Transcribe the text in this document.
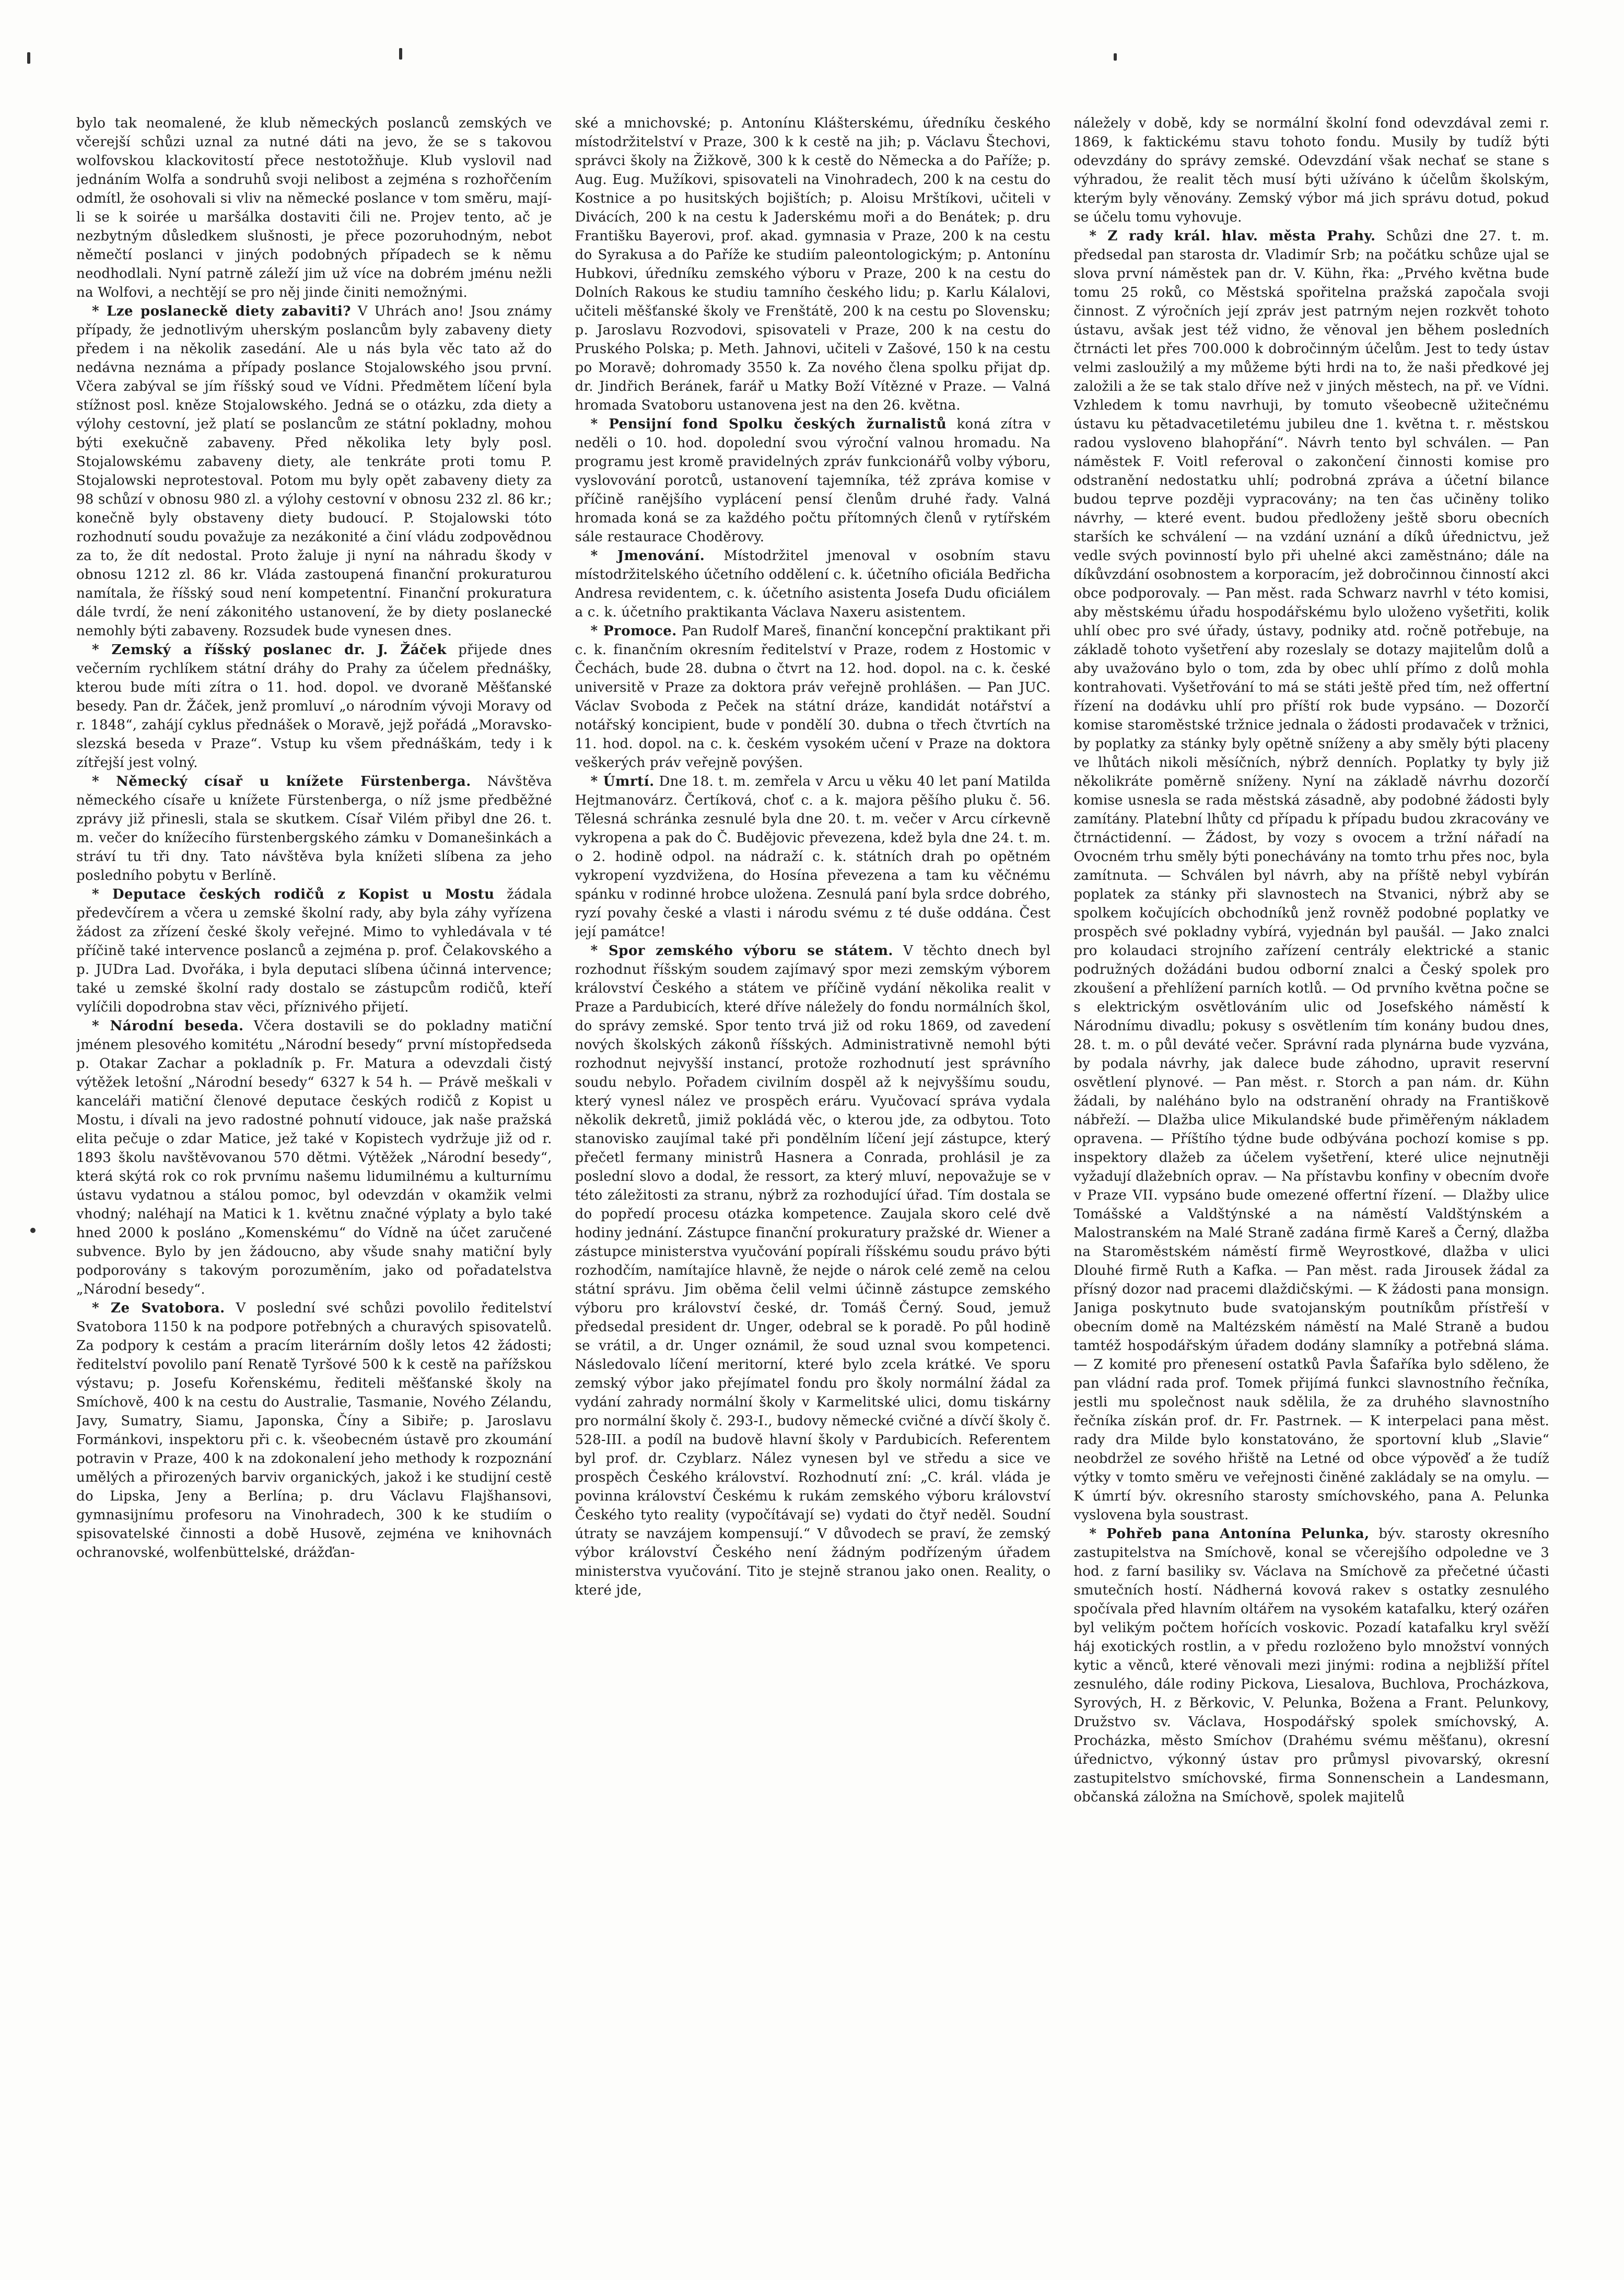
bylo tak neomalené, že klub německých poslanců zemských ve včerejší schůzi uznal za nutné dáti na jevo, že se s takovou wolfovskou klackovitostí přece nestotožňuje. Klub vyslovil nad jednáním Wolfa a sondruhů svoji nelibost a zejména s rozhořčením odmítl, že osohovali si vliv na německé poslance v tom směru, mají-li se k soirée u maršálka dostaviti čili ne. Projev tento, ač je nezbytným důsledkem slušnosti, je přece pozoruhodným, nebot němečtí poslanci v jiných podobných případech se k němu neodhodlali. Nyní patrně záleží jim už více na dobrém jménu nežli na Wolfovi, a nechtějí se pro něj jinde činiti nemožnými.

* Lze poslaneckě diety zabaviti? V Uhrách ano! Jsou známy případy, že jednotlivým uherským poslancům byly zabaveny diety předem i na několik zasedání. Ale u nás byla věc tato až do nedávna neznáma a případy poslance Stojalowského jsou první. Včera zabýval se jím říšský soud ve Vídni. Předmětem líčení byla stížnost posl. kněze Stojalowského. Jedná se o otázku, zda diety a výlohy cestovní, jež platí se poslancům ze státní pokladny, mohou býti exekučně zabaveny. Před několika lety byly posl. Stojalowskému zabaveny diety, ale tenkráte proti tomu P. Stojalowski neprotestoval. Potom mu byly opět zabaveny diety za 98 schůzí v obnosu 980 zl. a výlohy cestovní v obnosu 232 zl. 86 kr.; konečně byly obstaveny diety budoucí. P. Stojalowski tóto rozhodnutí soudu považuje za nezákonité a činí vládu zodpovědnou za to, že dít nedostal. Proto žaluje ji nyní na náhradu škody v obnosu 1212 zl. 86 kr. Vláda zastoupená finanční prokuraturou namítala, že říšský soud není kompetentní. Finanční prokuratura dále tvrdí, že není zákonitého ustanovení, že by diety poslanecké nemohly býti zabaveny. Rozsudek bude vynesen dnes.

* Zemský a říšský poslanec dr. J. Žáček přijede dnes večerním rychlíkem státní dráhy do Prahy za účelem přednášky, kterou bude míti zítra o 11. hod. dopol. ve dvoraně Měšťanské besedy. Pan dr. Žáček, jenž promluví „o národním vývoji Moravy od r. 1848“, zahájí cyklus přednášek o Moravě, jejž pořádá „Moravsko-slezská beseda v Praze“. Vstup ku všem přednáškám, tedy i k zítřejší jest volný.

* Německý císař u knížete Fürstenberga. Návštěva německého císaře u knížete Fürstenberga, o níž jsme předběžné zprávy již přinesli, stala se skutkem. Císař Vilém přibyl dne 26. t. m. večer do knížecího fürstenbergského zámku v Domanešinkách a stráví tu tři dny. Tato návštěva byla knížeti slíbena za jeho posledního pobytu v Berlíně.

* Deputace českých rodičů z Kopist u Mostu žádala předevčírem a včera u zemské školní rady, aby byla záhy vyřízena žádost za zřízení české školy veřejné. Mimo to vyhledávala v té příčině také intervence poslanců a zejména p. prof. Čelakovského a p. JUDra Lad. Dvořáka, i byla deputaci slíbena účinná intervence; také u zemské školní rady dostalo se zástupcům rodičů, kteří vylíčili dopodrobna stav věci, příznivého přijetí.

* Národní beseda. Včera dostavili se do pokladny matiční jménem plesového komitétu „Národní besedy“ první místopředseda p. Otakar Zachar a pokladník p. Fr. Matura a odevzdali čistý výtěžek letošní „Národní besedy“ 6327 k 54 h. — Právě meškali v kanceláři matiční členové deputace českých rodičů z Kopist u Mostu, i dívali na jevo radostné pohnutí vidouce, jak naše pražská elita pečuje o zdar Matice, jež také v Kopistech vydržuje již od r. 1893 školu navštěvovanou 570 dětmi. Výtěžek „Národní besedy“, která skýtá rok co rok prvnímu našemu lidumilnému a kulturnímu ústavu vydatnou a stálou pomoc, byl odevzdán v okamžik velmi vhodný; naléhají na Matici k 1. květnu značné výplaty a bylo také hned 2000 k posláno „Komenskému“ do Vídně na účet zaručené subvence. Bylo by jen žádoucno, aby všude snahy matiční byly podporovány s takovým porozuměním, jako od pořadatelstva „Národní besedy“.

* Ze Svatobora. V poslední své schůzi povolilo ředitelství Svatobora 1150 k na podpore potřebných a churavých spisovatelů. Za podpory k cestám a pracím literárním došly letos 42 žádosti; ředitelství povolilo paní Renatě Tyršové 500 k k cestě na pařížskou výstavu; p. Josefu Kořenskému, řediteli měšťanské školy na Smíchově, 400 k na cestu do Australie, Tasmanie, Nového Zélandu, Javy, Sumatry, Siamu, Japonska, Číny a Sibiře; p. Jaroslavu Formánkovi, inspektoru při c. k. všeobecném ústavě pro zkoumání potravin v Praze, 400 k na zdokonalení jeho methody k rozpoznání umělých a přirozených barviv organických, jakož i ke studijní cestě do Lipska, Jeny a Berlína; p. dru Václavu Flajšhansovi, gymnasijnímu profesoru na Vinohradech, 300 k ke studiím o spisovatelské činnosti a době Husově, zejména ve knihovnách ochranovské, wolfenbüttelské, drážďan-

ské a mnichovské; p. Antonínu Klášterskému, úředníku českého místodržitelství v Praze, 300 k k cestě na jih; p. Václavu Štechovi, správci školy na Žižkově, 300 k k cestě do Německa a do Paříže; p. Aug. Eug. Mužíkovi, spisovateli na Vinohradech, 200 k na cestu do Kostnice a po husitských bojištích; p. Aloisu Mrštíkovi, učiteli v Divácích, 200 k na cestu k Jaderskému moři a do Benátek; p. dru Františku Bayerovi, prof. akad. gymnasia v Praze, 200 k na cestu do Syrakusa a do Paříže ke studiím paleontologickým; p. Antonínu Hubkovi, úředníku zemského výboru v Praze, 200 k na cestu do Dolních Rakous ke studiu tamního českého lidu; p. Karlu Kálalovi, učiteli měšťanské školy ve Frenštátě, 200 k na cestu po Slovensku; p. Jaroslavu Rozvodovi, spisovateli v Praze, 200 k na cestu do Pruského Polska; p. Meth. Jahnovi, učiteli v Zašové, 150 k na cestu po Moravě; dohromady 3550 k. Za nového člena spolku přijat dp. dr. Jindřich Beránek, farář u Matky Boží Vítězné v Praze. — Valná hromada Svatoboru ustanovena jest na den 26. května.

* Pensijní fond Spolku českých žurnalistů koná zítra v neděli o 10. hod. dopolední svou výroční valnou hromadu. Na programu jest kromě pravidelných zpráv funkcionářů volby výboru, vyslovování porotců, ustanovení tajemníka, též zpráva komise v příčině ranějšího vyplácení pensí členům druhé řady. Valná hromada koná se za každého počtu přítomných členů v rytířském sále restaurace Choděrovy.

* Jmenování. Místodržitel jmenoval v osobním stavu místodržitelského účetního oddělení c. k. účetního oficiála Bedřicha Andresa revidentem, c. k. účetního asistenta Josefa Dudu oficiálem a c. k. účetního praktikanta Václava Naxeru asistentem.

* Promoce. Pan Rudolf Mareš, finanční koncepční praktikant při c. k. finančním okresním ředitelství v Praze, rodem z Hostomic v Čechách, bude 28. dubna o čtvrt na 12. hod. dopol. na c. k. české universitě v Praze za doktora práv veřejně prohlášen. — Pan JUC. Václav Svoboda z Peček na státní dráze, kandidát notářství a notářský koncipient, bude v pondělí 30. dubna o třech čtvrtích na 11. hod. dopol. na c. k. českém vysokém učení v Praze na doktora veškerých práv veřejně povýšen.

* Úmrtí. Dne 18. t. m. zemřela v Arcu u věku 40 let paní Matilda Hejtmanovárz. Čertíková, choť c. a k. majora pěšího pluku č. 56. Tělesná schránka zesnulé byla dne 20. t. m. večer v Arcu církevně vykropena a pak do Č. Budějovic převezena, kdež byla dne 24. t. m. o 2. hodině odpol. na nádraží c. k. státních drah po opětném vykropení vyzdvižena, do Hosína převezena a tam ku věčnému spánku v rodinné hrobce uložena. Zesnulá paní byla srdce dobrého, ryzí povahy české a vlasti i národu svému z té duše oddána. Čest její památce!

* Spor zemského výboru se státem. V těchto dnech byl rozhodnut říšským soudem zajímavý spor mezi zemským výborem království Českého a státem ve příčině vydání několika realit v Praze a Pardubicích, které dříve náležely do fondu normálních škol, do správy zemské. Spor tento trvá již od roku 1869, od zavedení nových školských zákonů říšských. Administrativně nemohl býti rozhodnut nejvyšší instancí, protože rozhodnutí jest správního soudu nebylo. Pořadem civilním dospěl až k nejvyššímu soudu, který vynesl nález ve prospěch eráru. Vyučovací správa vydala několik dekretů, jimiž pokládá věc, o kterou jde, za odbytou. Toto stanovisko zaujímal také při pondělním líčení její zástupce, který přečetl fermany ministrů Hasnera a Conrada, prohlásil je za poslední slovo a dodal, že ressort, za který mluví, nepovažuje se v této záležitosti za stranu, nýbrž za rozhodující úřad. Tím dostala se do popředí procesu otázka kompetence. Zaujala skoro celé dvě hodiny jednání. Zástupce finanční prokuratury pražské dr. Wiener a zástupce ministerstva vyučování popírali říšskému soudu právo býti rozhodčím, namítajíce hlavně, že nejde o nárok celé země na celou státní správu. Jim oběma čelil velmi účinně zástupce zemského výboru pro království české, dr. Tomáš Černý. Soud, jemuž předsedal president dr. Unger, odebral se k poradě. Po půl hodině se vrátil, a dr. Unger oznámil, že soud uznal svou kompetenci. Následovalo líčení meritorní, které bylo zcela krátké. Ve sporu zemský výbor jako přejímatel fondu pro školy normální žádal za vydání zahrady normální školy v Karmelitské ulici, domu tiskárny pro normální školy č. 293-I., budovy německé cvičné a dívčí školy č. 528-III. a podíl na budově hlavní školy v Pardubicích. Referentem byl prof. dr. Czyblarz. Nález vynesen byl ve středu a sice ve prospěch Českého království. Rozhodnutí zní: „C. král. vláda je povinna království Českému k rukám zemského výboru království Českého tyto reality (vypočítávají se) vydati do čtyř neděl. Soudní útraty se navzájem kompensují.“ V důvodech se praví, že zemský výbor království Českého není žádným podřízeným úřadem ministerstva vyučování. Tito je stejně stranou jako onen. Reality, o které jde,

náležely v době, kdy se normální školní fond odevzdával zemi r. 1869, k faktickému stavu tohoto fondu. Musily by tudíž býti odevzdány do správy zemské. Odevzdání však nechať se stane s výhradou, že realit těch musí býti užíváno k účelům školským, kterým byly věnovány. Zemský výbor má jich správu dotud, pokud se účelu tomu vyhovuje.

* Z rady král. hlav. města Prahy. Schůzi dne 27. t. m. předsedal pan starosta dr. Vladimír Srb; na počátku schůze ujal se slova první náměstek pan dr. V. Kühn, řka: „Prvého května bude tomu 25 roků, co Městská spořitelna pražská započala svoji činnost. Z výročních její zpráv jest patrným nejen rozkvět tohoto ústavu, avšak jest též vidno, že věnoval jen během posledních čtrnácti let přes 700.000 k dobročinným účelům. Jest to tedy ústav velmi zasloužilý a my můžeme býti hrdi na to, že naši předkové jej založili a že se tak stalo dříve než v jiných městech, na př. ve Vídni. Vzhledem k tomu navrhuji, by tomuto všeobecně užitečnému ústavu ku pětadvacetiletému jubileu dne 1. května t. r. městskou radou vysloveno blahopřání“. Návrh tento byl schválen. — Pan náměstek F. Voitl referoval o zakončení činnosti komise pro odstranění nedostatku uhlí; podrobná zpráva a účetní bilance budou teprve později vypracovány; na ten čas učiněny toliko návrhy, — které event. budou předloženy ještě sboru obecních starších ke schválení — na vzdání uznání a díků úřednictvu, jež vedle svých povinností bylo při uhelné akci zaměstnáno; dále na díkůvzdání osobnostem a korporacím, jež dobročinnou činností akci obce podporovaly. — Pan měst. rada Schwarz navrhl v této komisi, aby městskému úřadu hospodářskému bylo uloženo vyšetřiti, kolik uhlí obec pro své úřady, ústavy, podniky atd. ročně potřebuje, na základě tohoto vyšetření aby rozeslaly se dotazy majitelům dolů a aby uvažováno bylo o tom, zda by obec uhlí přímo z dolů mohla kontrahovati. Vyšetřování to má se státi ještě před tím, než offertní řízení na dodávku uhlí pro příští rok bude vypsáno. — Dozorčí komise staroměstské tržnice jednala o žádosti prodavaček v tržnici, by poplatky za stánky byly opětně sníženy a aby směly býti placeny ve lhůtách nikoli měsíčních, nýbrž denních. Poplatky ty byly již několikráte poměrně sníženy. Nyní na základě návrhu dozorčí komise usnesla se rada městská zásadně, aby podobné žádosti byly zamítány. Platební lhůty cd případu k případu budou zkracovány ve čtrnáctidenní. — Žádost, by vozy s ovocem a tržní nářadí na Ovocném trhu směly býti ponechávány na tomto trhu přes noc, byla zamítnuta. — Schválen byl návrh, aby na příště nebyl vybírán poplatek za stánky při slavnostech na Stvanici, nýbrž aby se spolkem kočujících obchodníků jenž rovněž podobné poplatky ve prospěch své pokladny vybírá, vyjednán byl paušál. — Jako znalci pro kolaudaci strojního zařízení centrály elektrické a stanic podružných dožádáni budou odborní znalci a Český spolek pro zkoušení a přehlížení parních kotlů. — Od prvního května počne se s elektrickým osvětlováním ulic od Josefského náměstí k Národnímu divadlu; pokusy s osvětlením tím konány budou dnes, 28. t. m. o půl deváté večer. Správní rada plynárna bude vyzvána, by podala návrhy, jak dalece bude záhodno, upravit reservní osvětlení plynové. — Pan měst. r. Storch a pan nám. dr. Kühn žádali, by naléháno bylo na odstranění ohrady na Františkově nábřeží. — Dlažba ulice Mikulandské bude přiměřeným nákladem opravena. — Příštího týdne bude odbývána pochozí komise s pp. inspektory dlažeb za účelem vyšetření, které ulice nejnutněji vyžadují dlažebních oprav. — Na přístavbu konfiny v obecním dvoře v Praze VII. vypsáno bude omezené offertní řízení. — Dlažby ulice Tomášské a Valdštýnské a na náměstí Valdštýnském a Malostranském na Malé Straně zadána firmě Kareš a Černý, dlažba na Staroměstském náměstí firmě Weyrostkové, dlažba v ulici Dlouhé firmě Ruth a Kafka. — Pan měst. rada Jirousek žádal za přísný dozor nad pracemi dlaždičskými. — K žádosti pana monsign. Janiga poskytnuto bude svatojanským poutníkům přístřeší v obecním domě na Maltézském náměstí na Malé Straně a budou tamtéž hospodářským úřadem dodány slamníky a potřebná sláma. — Z komité pro přenesení ostatků Pavla Šafaříka bylo sděleno, že pan vládní rada prof. Tomek přijímá funkci slavnostního řečníka, jestli mu společnost nauk sdělila, že za druhého slavnostního řečníka získán prof. dr. Fr. Pastrnek. — K interpelaci pana měst. rady dra Milde bylo konstatováno, že sportovní klub „Slavie“ neobdržel ze sového hřiště na Letné od obce výpověď a že tudíž výtky v tomto směru ve veřejnosti činěné zakládaly se na omylu. — K úmrtí býv. okresního starosty smíchovského, pana A. Pelunka vyslovena byla soustrast.

* Pohřeb pana Antonína Pelunka, býv. starosty okresního zastupitelstva na Smíchově, konal se včerejšího odpoledne ve 3 hod. z farní basiliky sv. Václava na Smíchově za přečetné účasti smutečních hostí. Nádherná kovová rakev s ostatky zesnulého spočívala před hlavním oltářem na vysokém katafalku, který ozářen byl velikým počtem hořících voskovic. Pozadí katafalku kryl svěží háj exotických rostlin, a v předu rozloženo bylo množství vonných kytic a věnců, které věnovali mezi jinými: rodina a nejbližší přítel zesnulého, dále rodiny Pickova, Liesalova, Buchlova, Procházkova, Syrových, H. z Běrkovic, V. Pelunka, Božena a Frant. Pelunkovy, Družstvo sv. Václava, Hospodářský spolek smíchovský, A. Procházka, město Smíchov (Drahému svému měšťanu), okresní úřednictvo, výkonný ústav pro průmysl pivovarský, okresní zastupitelstvo smíchovské, firma Sonnenschein a Landesmann, občanská záložna na Smíchově, spolek majitelů
